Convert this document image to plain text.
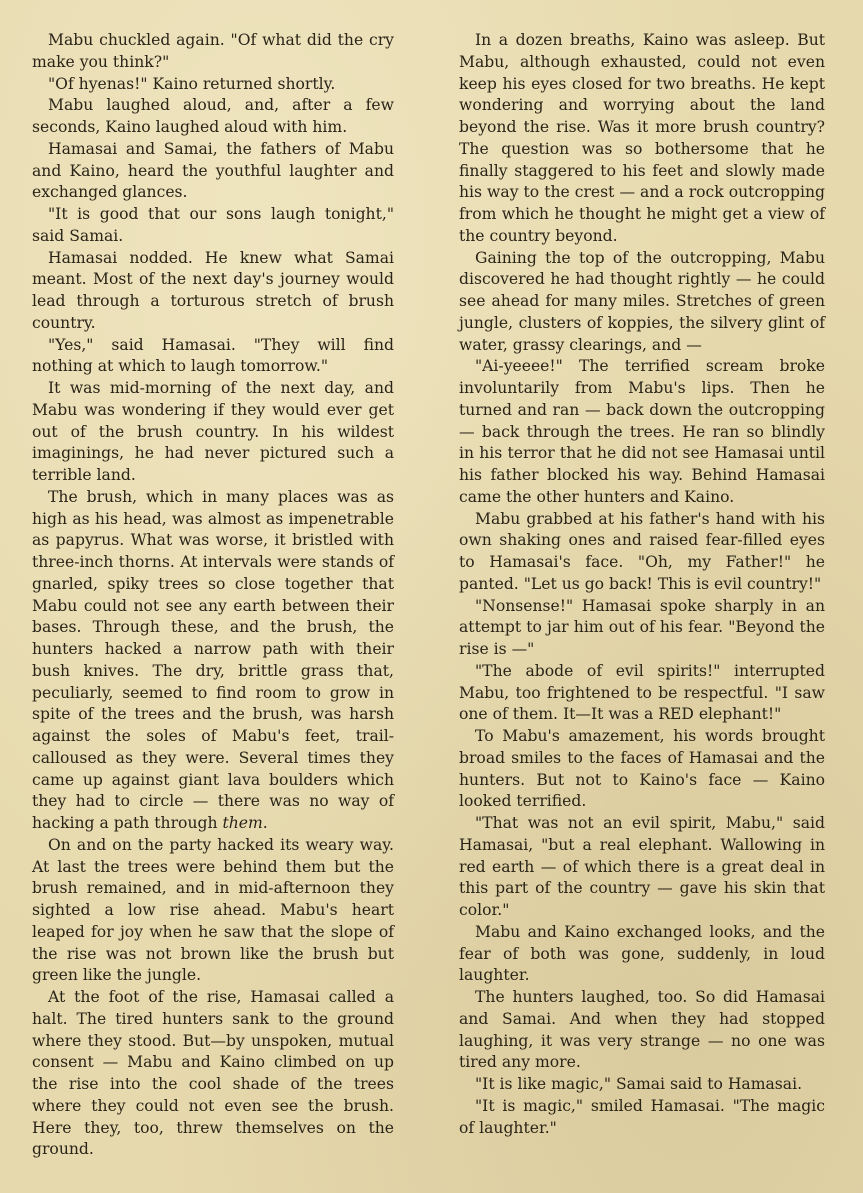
Mabu chuckled again. "Of what did the cry make you think?"

"Of hyenas!" Kaino returned shortly.

Mabu laughed aloud, and, after a few seconds, Kaino laughed aloud with him.

Hamasai and Samai, the fathers of Mabu and Kaino, heard the youthful laughter and exchanged glances.

"It is good that our sons laugh tonight," said Samai.

Hamasai nodded. He knew what Samai meant. Most of the next day's journey would lead through a torturous stretch of brush country.

"Yes," said Hamasai. "They will find nothing at which to laugh tomorrow."

It was mid-morning of the next day, and Mabu was wondering if they would ever get out of the brush country. In his wildest imaginings, he had never pictured such a terrible land.

The brush, which in many places was as high as his head, was almost as impenetrable as papyrus. What was worse, it bristled with three-inch thorns. At intervals were stands of gnarled, spiky trees so close together that Mabu could not see any earth between their bases. Through these, and the brush, the hunters hacked a narrow path with their bush knives. The dry, brittle grass that, peculiarly, seemed to find room to grow in spite of the trees and the brush, was harsh against the soles of Mabu's feet, trail-calloused as they were. Several times they came up against giant lava boulders which they had to circle — there was no way of hacking a path through them.

On and on the party hacked its weary way. At last the trees were behind them but the brush remained, and in mid-afternoon they sighted a low rise ahead. Mabu's heart leaped for joy when he saw that the slope of the rise was not brown like the brush but green like the jungle.

At the foot of the rise, Hamasai called a halt. The tired hunters sank to the ground where they stood. But—by unspoken, mutual consent — Mabu and Kaino climbed on up the rise into the cool shade of the trees where they could not even see the brush. Here they, too, threw themselves on the ground.

In a dozen breaths, Kaino was asleep. But Mabu, although exhausted, could not even keep his eyes closed for two breaths. He kept wondering and worrying about the land beyond the rise. Was it more brush country? The question was so bothersome that he finally staggered to his feet and slowly made his way to the crest — and a rock outcropping from which he thought he might get a view of the country beyond.

Gaining the top of the outcropping, Mabu discovered he had thought rightly — he could see ahead for many miles. Stretches of green jungle, clusters of koppies, the silvery glint of water, grassy clearings, and —

"Ai-yeeee!" The terrified scream broke involuntarily from Mabu's lips. Then he turned and ran — back down the outcropping — back through the trees. He ran so blindly in his terror that he did not see Hamasai until his father blocked his way. Behind Hamasai came the other hunters and Kaino.

Mabu grabbed at his father's hand with his own shaking ones and raised fear-filled eyes to Hamasai's face. "Oh, my Father!" he panted. "Let us go back! This is evil country!"

"Nonsense!" Hamasai spoke sharply in an attempt to jar him out of his fear. "Beyond the rise is —"

"The abode of evil spirits!" interrupted Mabu, too frightened to be respectful. "I saw one of them. It—It was a RED elephant!"

To Mabu's amazement, his words brought broad smiles to the faces of Hamasai and the hunters. But not to Kaino's face — Kaino looked terrified.

"That was not an evil spirit, Mabu," said Hamasai, "but a real elephant. Wallowing in red earth — of which there is a great deal in this part of the country — gave his skin that color."

Mabu and Kaino exchanged looks, and the fear of both was gone, suddenly, in loud laughter.

The hunters laughed, too. So did Hamasai and Samai. And when they had stopped laughing, it was very strange — no one was tired any more.

"It is like magic," Samai said to Hamasai.

"It is magic," smiled Hamasai. "The magic of laughter."
